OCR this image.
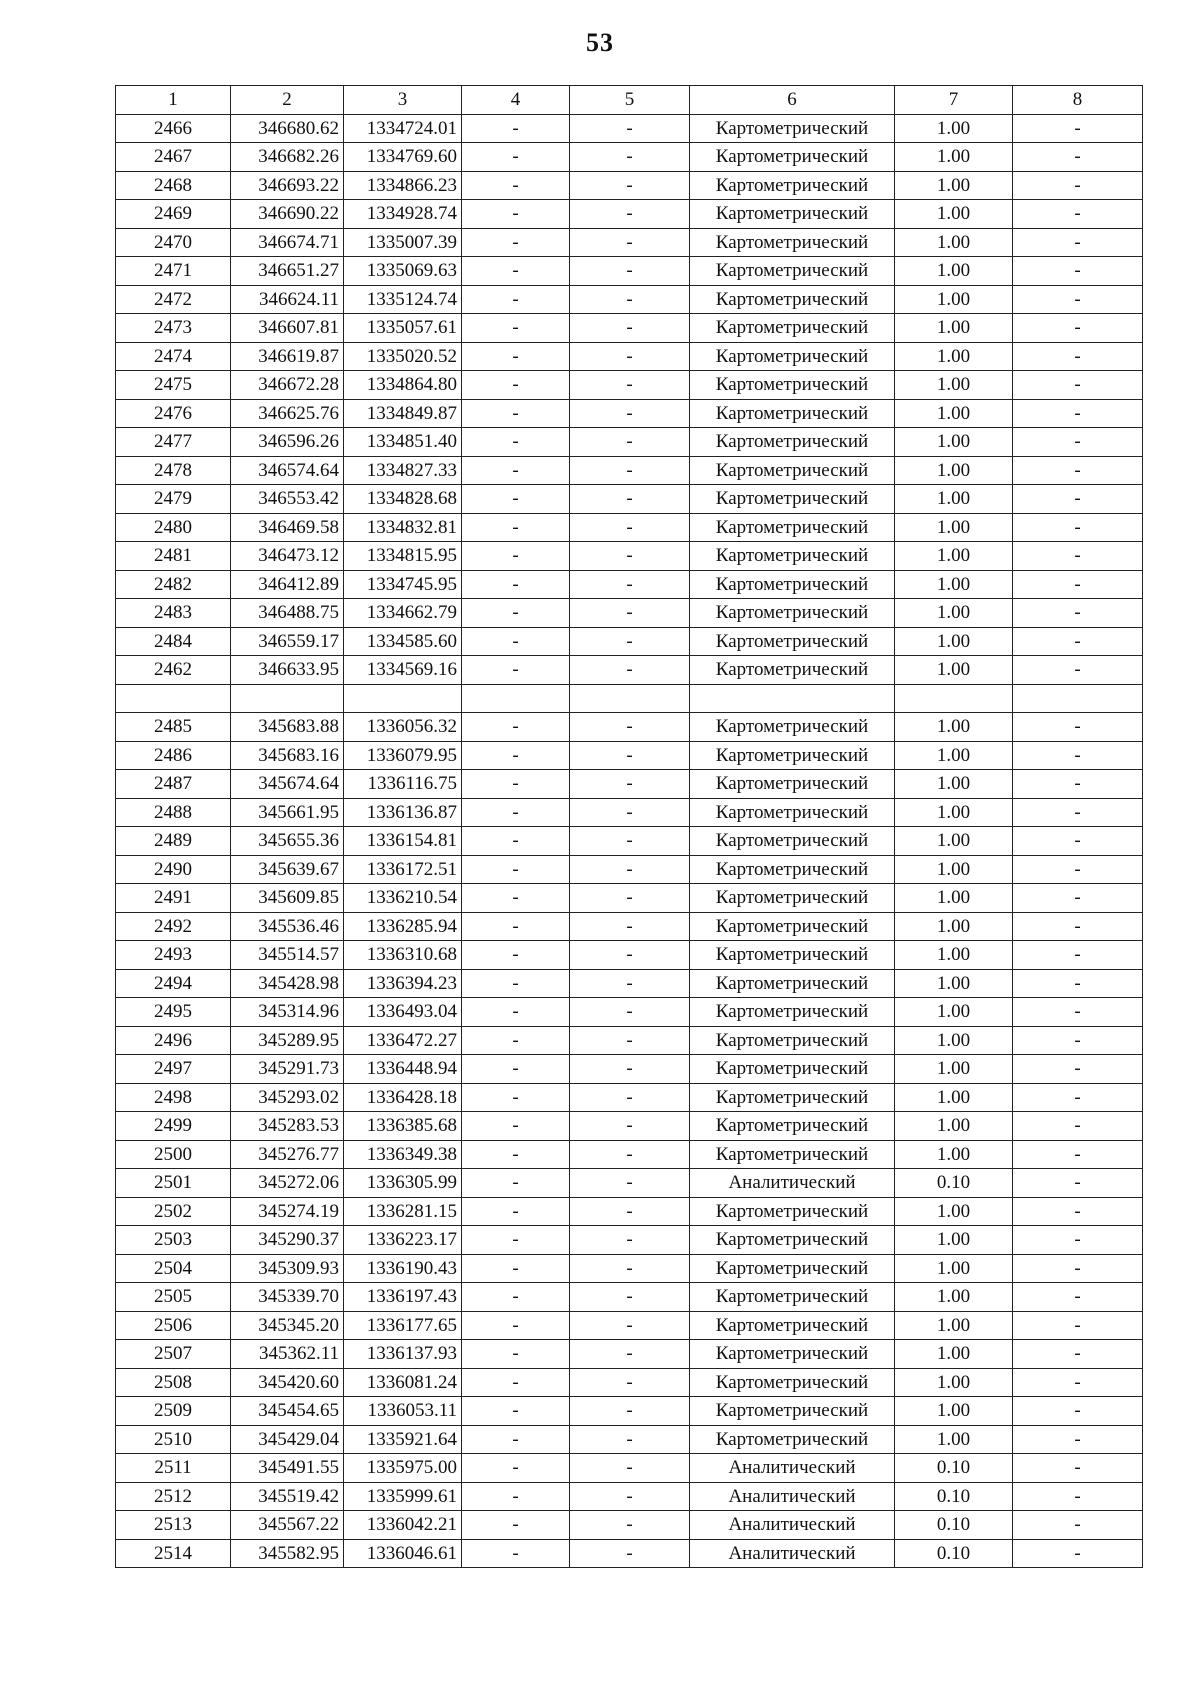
53
1	2	3	4	5	6	7	8
2466	346680.62	1334724.01	-	-	Картометрический	1.00	-
2467	346682.26	1334769.60	-	-	Картометрический	1.00	-
2468	346693.22	1334866.23	-	-	Картометрический	1.00	-
2469	346690.22	1334928.74	-	-	Картометрический	1.00	-
2470	346674.71	1335007.39	-	-	Картометрический	1.00	-
2471	346651.27	1335069.63	-	-	Картометрический	1.00	-
2472	346624.11	1335124.74	-	-	Картометрический	1.00	-
2473	346607.81	1335057.61	-	-	Картометрический	1.00	-
2474	346619.87	1335020.52	-	-	Картометрический	1.00	-
2475	346672.28	1334864.80	-	-	Картометрический	1.00	-
2476	346625.76	1334849.87	-	-	Картометрический	1.00	-
2477	346596.26	1334851.40	-	-	Картометрический	1.00	-
2478	346574.64	1334827.33	-	-	Картометрический	1.00	-
2479	346553.42	1334828.68	-	-	Картометрический	1.00	-
2480	346469.58	1334832.81	-	-	Картометрический	1.00	-
2481	346473.12	1334815.95	-	-	Картометрический	1.00	-
2482	346412.89	1334745.95	-	-	Картометрический	1.00	-
2483	346488.75	1334662.79	-	-	Картометрический	1.00	-
2484	346559.17	1334585.60	-	-	Картометрический	1.00	-
2462	346633.95	1334569.16	-	-	Картометрический	1.00	-

2485	345683.88	1336056.32	-	-	Картометрический	1.00	-
2486	345683.16	1336079.95	-	-	Картометрический	1.00	-
2487	345674.64	1336116.75	-	-	Картометрический	1.00	-
2488	345661.95	1336136.87	-	-	Картометрический	1.00	-
2489	345655.36	1336154.81	-	-	Картометрический	1.00	-
2490	345639.67	1336172.51	-	-	Картометрический	1.00	-
2491	345609.85	1336210.54	-	-	Картометрический	1.00	-
2492	345536.46	1336285.94	-	-	Картометрический	1.00	-
2493	345514.57	1336310.68	-	-	Картометрический	1.00	-
2494	345428.98	1336394.23	-	-	Картометрический	1.00	-
2495	345314.96	1336493.04	-	-	Картометрический	1.00	-
2496	345289.95	1336472.27	-	-	Картометрический	1.00	-
2497	345291.73	1336448.94	-	-	Картометрический	1.00	-
2498	345293.02	1336428.18	-	-	Картометрический	1.00	-
2499	345283.53	1336385.68	-	-	Картометрический	1.00	-
2500	345276.77	1336349.38	-	-	Картометрический	1.00	-
2501	345272.06	1336305.99	-	-	Аналитический	0.10	-
2502	345274.19	1336281.15	-	-	Картометрический	1.00	-
2503	345290.37	1336223.17	-	-	Картометрический	1.00	-
2504	345309.93	1336190.43	-	-	Картометрический	1.00	-
2505	345339.70	1336197.43	-	-	Картометрический	1.00	-
2506	345345.20	1336177.65	-	-	Картометрический	1.00	-
2507	345362.11	1336137.93	-	-	Картометрический	1.00	-
2508	345420.60	1336081.24	-	-	Картометрический	1.00	-
2509	345454.65	1336053.11	-	-	Картометрический	1.00	-
2510	345429.04	1335921.64	-	-	Картометрический	1.00	-
2511	345491.55	1335975.00	-	-	Аналитический	0.10	-
2512	345519.42	1335999.61	-	-	Аналитический	0.10	-
2513	345567.22	1336042.21	-	-	Аналитический	0.10	-
2514	345582.95	1336046.61	-	-	Аналитический	0.10	-
